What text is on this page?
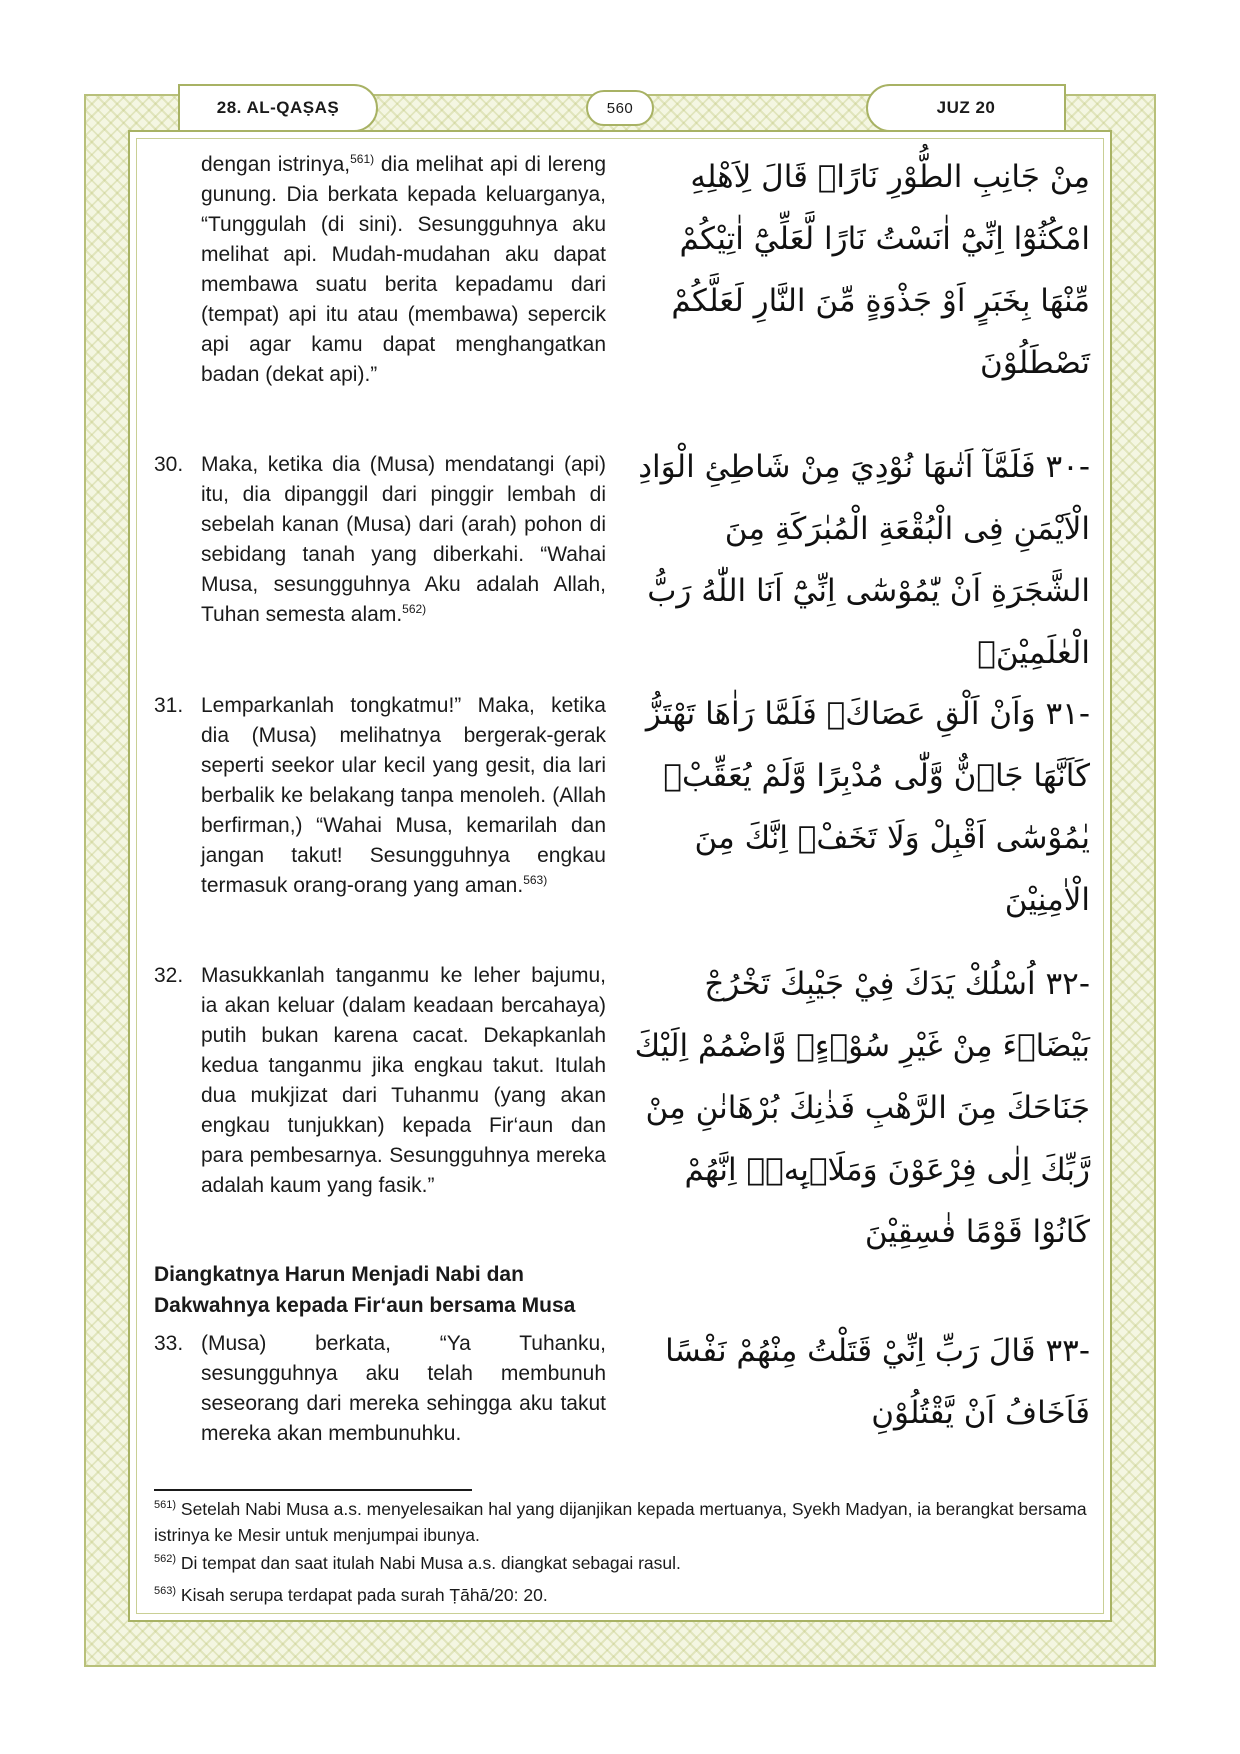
28. AL-QAṢAṢ	560	JUZ 20
dengan istrinya,$^{561)}$ dia melihat api di lereng gunung. Dia berkata kepada keluarganya, “Tunggulah (di sini). Sesungguhnya aku melihat api. Mudah-mudahan aku dapat membawa suatu berita kepadamu dari (tempat) api itu atau (membawa) sepercik api agar kamu dapat menghangatkan badan (dekat api).”
30. Maka, ketika dia (Musa) mendatangi (api) itu, dia dipanggil dari pinggir lembah di sebelah kanan (Musa) dari (arah) pohon di sebidang tanah yang diberkahi. “Wahai Musa, sesungguhnya Aku adalah Allah, Tuhan semesta alam.$^{562)}$
31. Lemparkanlah tongkatmu!” Maka, ketika dia (Musa) melihatnya bergerak-gerak seperti seekor ular kecil yang gesit, dia lari berbalik ke belakang tanpa menoleh. (Allah berfirman,) “Wahai Musa, kemarilah dan jangan takut! Sesungguhnya engkau termasuk orang-orang yang aman.$^{563)}$
32. Masukkanlah tanganmu ke leher bajumu, ia akan keluar (dalam keadaan bercahaya) putih bukan karena cacat. Dekapkanlah kedua tanganmu jika engkau takut. Itulah dua mukjizat dari Tuhanmu (yang akan engkau tunjukkan) kepada Fir‘aun dan para pembesarnya. Sesungguhnya mereka adalah kaum yang fasik.”
Diangkatnya Harun Menjadi Nabi dan Dakwahnya kepada Fir‘aun bersama Musa
33. (Musa) berkata, “Ya Tuhanku, sesungguhnya aku telah membunuh seseorang dari mereka sehingga aku takut mereka akan membunuhku.
مِنْ جَانِبِ الطُّوْرِ نَارًاۚ قَالَ لِاَهْلِهِ امْكُثُوْٓا اِنِّيْٓ اٰنَسْتُ نَارًا لَّعَلِّيْٓ اٰتِيْكُمْ مِّنْهَا بِخَبَرٍ اَوْ جَذْوَةٍ مِّنَ النَّارِ لَعَلَّكُمْ تَصْطَلُوْنَ
-٣٠ فَلَمَّآ اَتٰىهَا نُوْدِيَ مِنْ شَاطِئِ الْوَادِ الْاَيْمَنِ فِى الْبُقْعَةِ الْمُبٰرَكَةِ مِنَ الشَّجَرَةِ اَنْ يّٰمُوْسٰٓى اِنِّيْٓ اَنَا اللّٰهُ رَبُّ الْعٰلَمِيْنَۙ
-٣١ وَاَنْ اَلْقِ عَصَاكَۗ فَلَمَّا رَاٰهَا تَهْتَزُّ كَاَنَّهَا جَاۤنٌّ وَّلّٰى مُدْبِرًا وَّلَمْ يُعَقِّبْۗ يٰمُوْسٰٓى اَقْبِلْ وَلَا تَخَفْۗ اِنَّكَ مِنَ الْاٰمِنِيْنَ
-٣٢ اُسْلُكْ يَدَكَ فِيْ جَيْبِكَ تَخْرُجْ بَيْضَاۤءَ مِنْ غَيْرِ سُوْۤءٍۖ وَّاضْمُمْ اِلَيْكَ جَنَاحَكَ مِنَ الرَّهْبِ فَذٰنِكَ بُرْهَانٰنِ مِنْ رَّبِّكَ اِلٰى فِرْعَوْنَ وَمَلَا۟ىِٕهٖۗ اِنَّهُمْ كَانُوْا قَوْمًا فٰسِقِيْنَ
-٣٣ قَالَ رَبِّ اِنِّيْ قَتَلْتُ مِنْهُمْ نَفْسًا فَاَخَافُ اَنْ يَّقْتُلُوْنِ
$^{561)}$ Setelah Nabi Musa a.s. menyelesaikan hal yang dijanjikan kepada mertuanya, Syekh Madyan, ia berangkat bersama istrinya ke Mesir untuk menjumpai ibunya.
$^{562)}$ Di tempat dan saat itulah Nabi Musa a.s. diangkat sebagai rasul.
$^{563)}$ Kisah serupa terdapat pada surah Ṭāhā/20: 20.
